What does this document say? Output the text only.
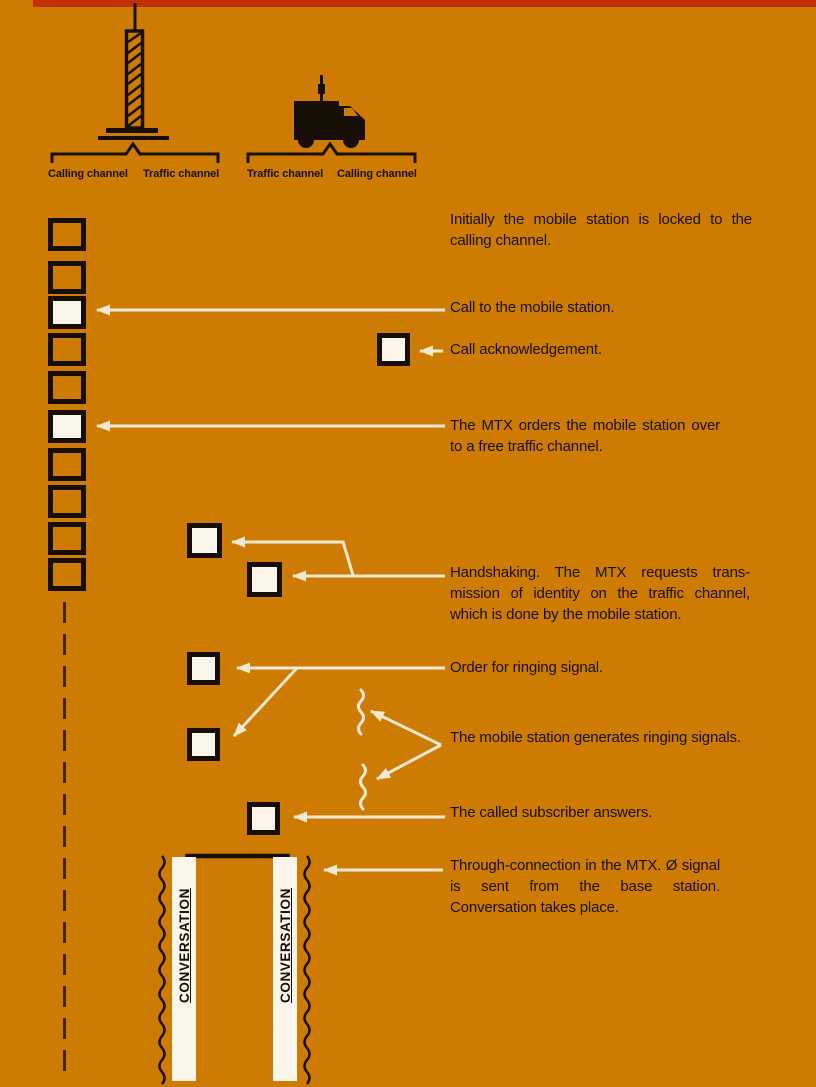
Calling channel Traffic channel	Traffic channel Calling channel
Initially the mobile station is locked to the calling channel.
Call to the mobile station.
Call acknowledgement.
The MTX orders the mobile station over to a free traffic channel.
Handshaking. The MTX requests trans-mission of identity on the traffic channel, which is done by the mobile station.
Order for ringing signal.
The mobile station generates ringing signals.
The called subscriber answers.
Through-connection in the MTX. Ø signal is sent from the base station. Conversation takes place.
CONVERSATION	CONVERSATION
